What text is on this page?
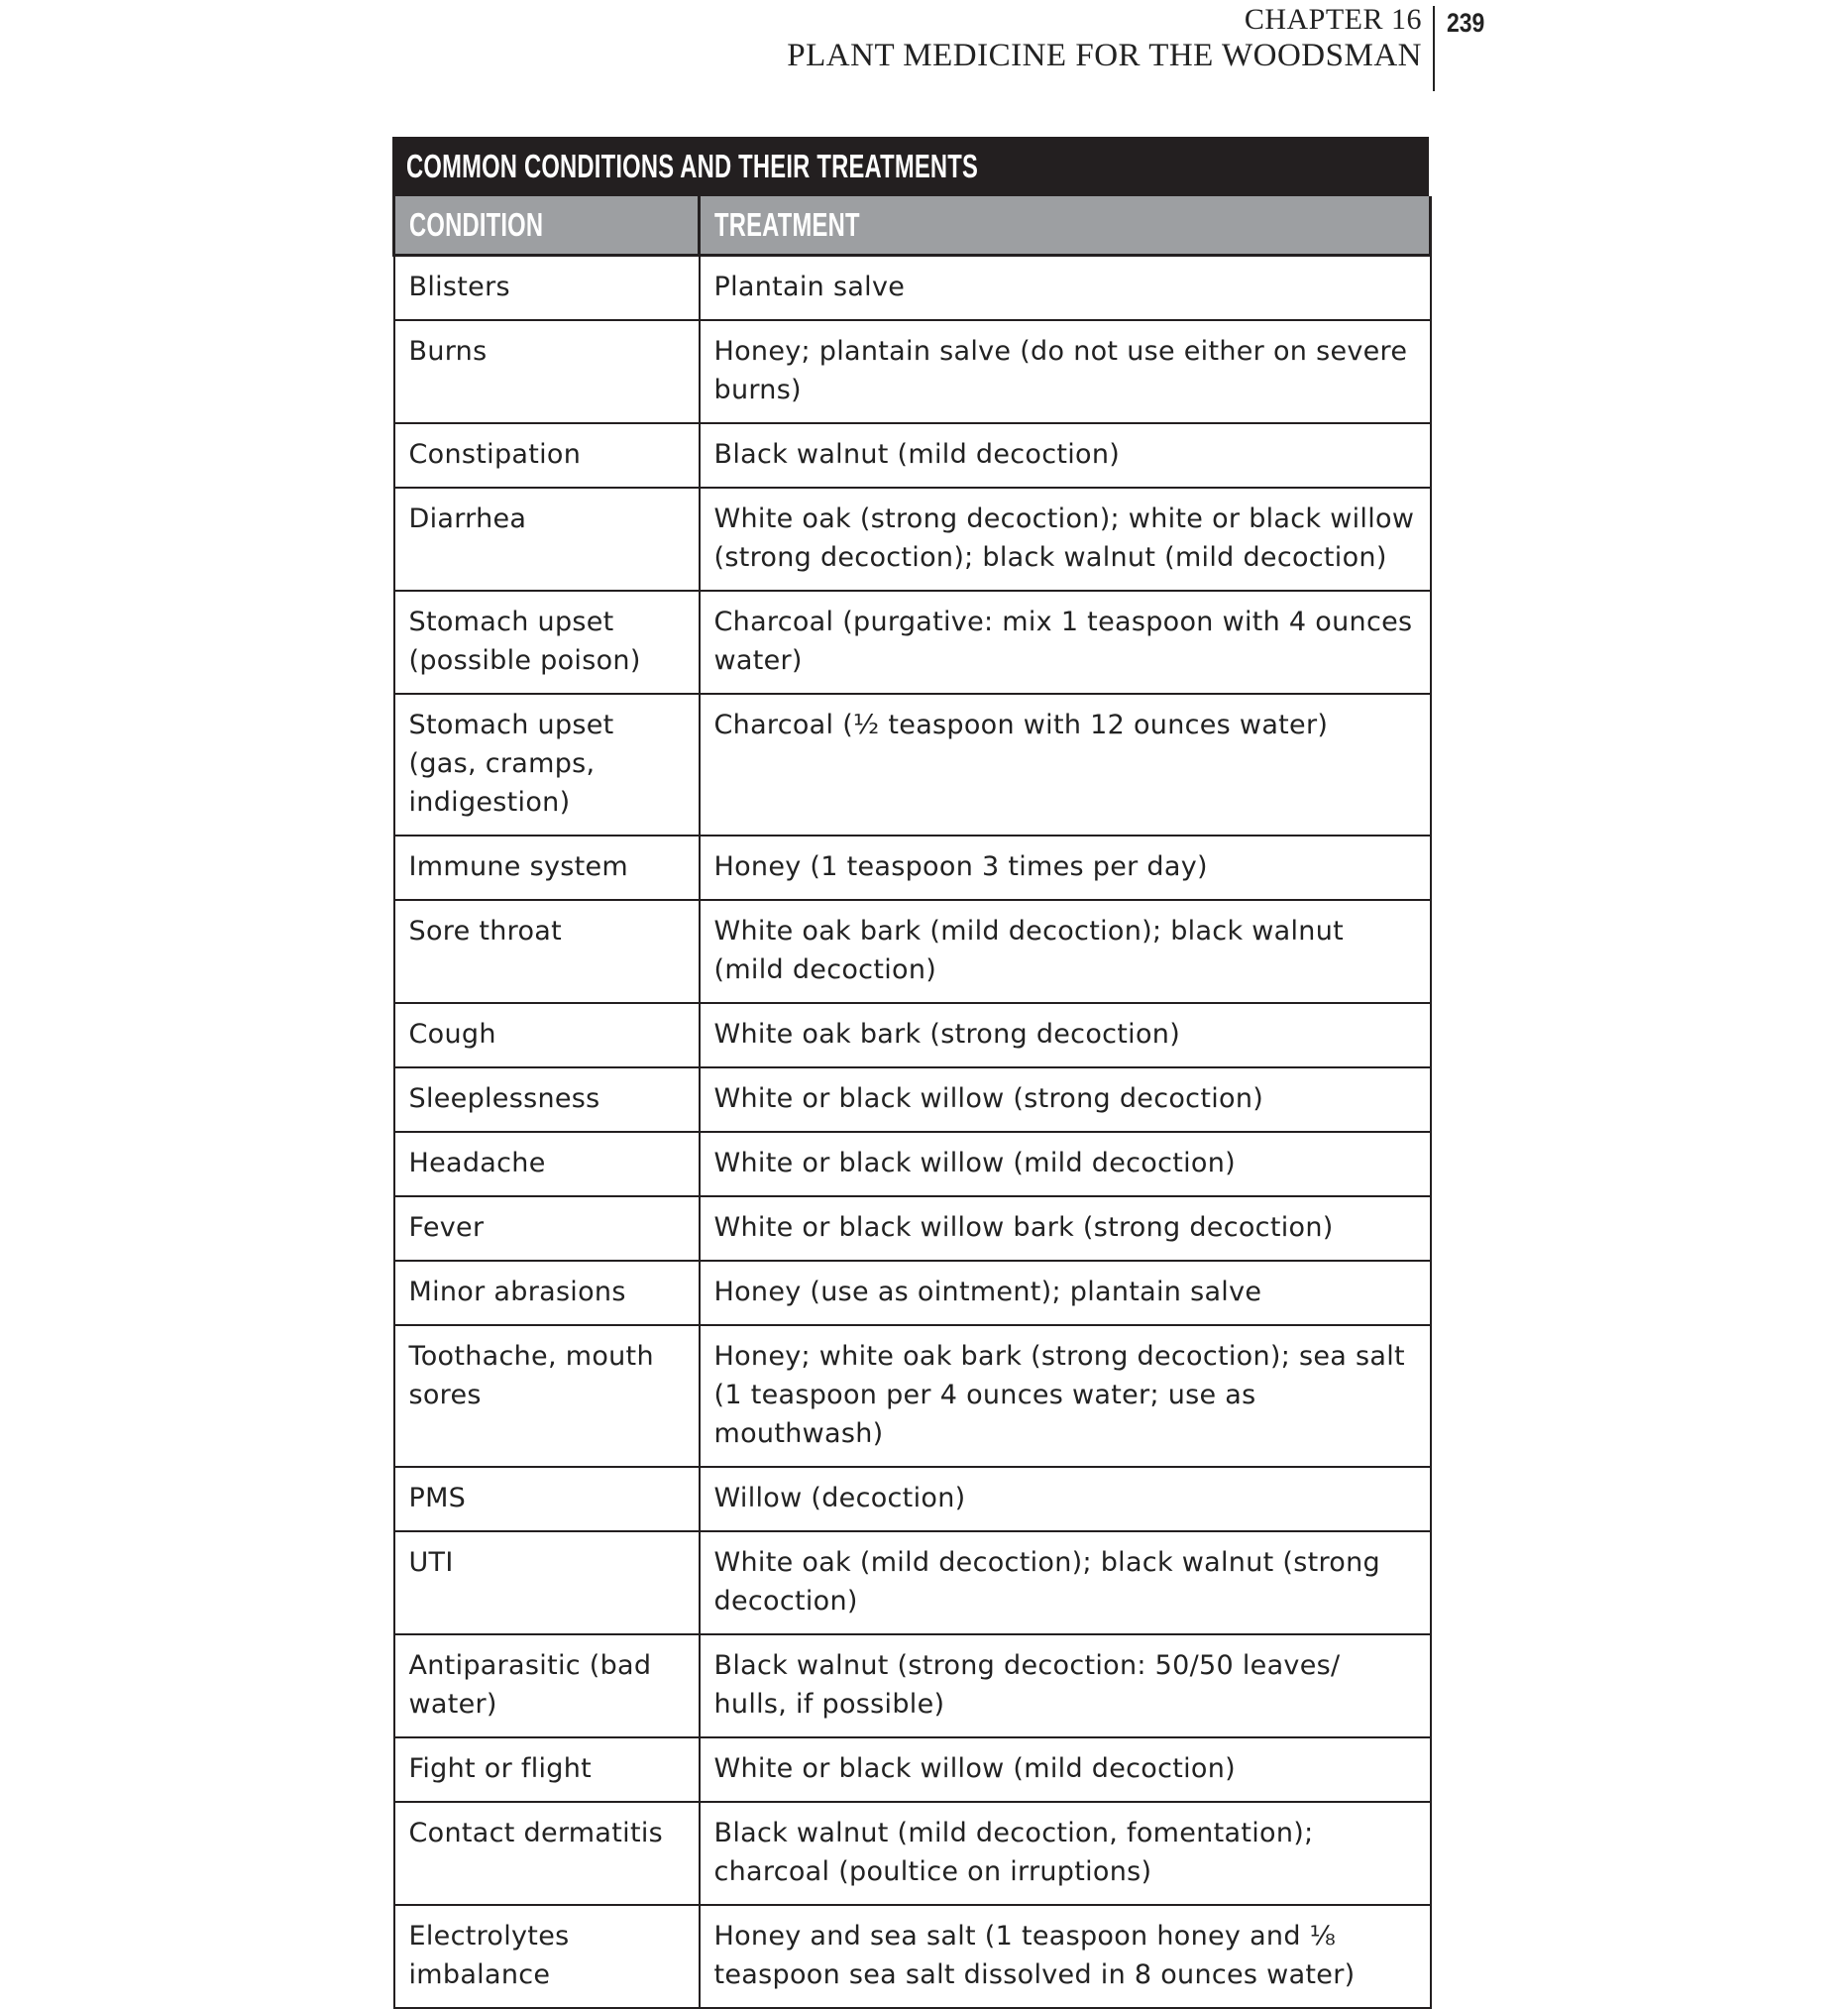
CHAPTER 16
PLANT MEDICINE FOR THE WOODSMAN
239
COMMON CONDITIONS AND THEIR TREATMENTS
CONDITION	TREATMENT
Blisters	Plantain salve
Burns	Honey; plantain salve (do not use either on severe burns)
Constipation	Black walnut (mild decoction)
Diarrhea	White oak (strong decoction); white or black willow (strong decoction); black walnut (mild decoction)
Stomach upset (possible poison)	Charcoal (purgative: mix 1 teaspoon with 4 ounces water)
Stomach upset (gas, cramps, indigestion)	Charcoal (½ teaspoon with 12 ounces water)
Immune system	Honey (1 teaspoon 3 times per day)
Sore throat	White oak bark (mild decoction); black walnut (mild decoction)
Cough	White oak bark (strong decoction)
Sleeplessness	White or black willow (strong decoction)
Headache	White or black willow (mild decoction)
Fever	White or black willow bark (strong decoction)
Minor abrasions	Honey (use as ointment); plantain salve
Toothache, mouth sores	Honey; white oak bark (strong decoction); sea salt (1 teaspoon per 4 ounces water; use as mouthwash)
PMS	Willow (decoction)
UTI	White oak (mild decoction); black walnut (strong decoction)
Antiparasitic (bad water)	Black walnut (strong decoction: 50/50 leaves/ hulls, if possible)
Fight or flight	White or black willow (mild decoction)
Contact dermatitis	Black walnut (mild decoction, fomentation); charcoal (poultice on irruptions)
Electrolytes imbalance	Honey and sea salt (1 teaspoon honey and ⅛ teaspoon sea salt dissolved in 8 ounces water)
